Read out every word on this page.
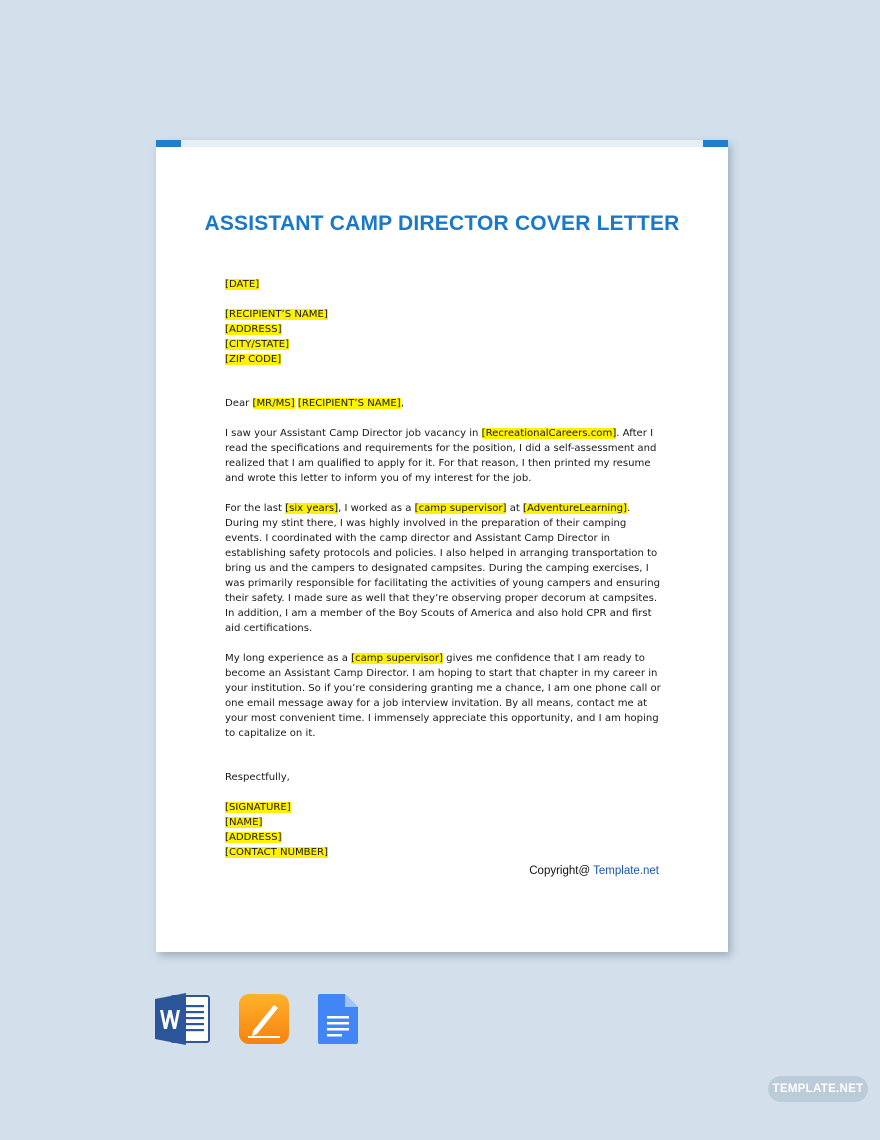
ASSISTANT CAMP DIRECTOR COVER LETTER

[DATE]

[RECIPIENT’S NAME]

[ADDRESS]

[CITY/STATE]

[ZIP CODE]

Dear [MR/MS] [RECIPIENT’S NAME],

I saw your Assistant Camp Director job vacancy in [RecreationalCareers.com]. After I read the specifications and requirements for the position, I did a self-assessment and realized that I am qualified to apply for it. For that reason, I then printed my resume and wrote this letter to inform you of my interest for the job.

For the last [six years], I worked as a [camp supervisor] at [AdventureLearning]. During my stint there, I was highly involved in the preparation of their camping events. I coordinated with the camp director and Assistant Camp Director in establishing safety protocols and policies. I also helped in arranging transportation to bring us and the campers to designated campsites. During the camping exercises, I was primarily responsible for facilitating the activities of young campers and ensuring their safety. I made sure as well that they’re observing proper decorum at campsites. In addition, I am a member of the Boy Scouts of America and also hold CPR and first aid certifications.

My long experience as a [camp supervisor] gives me confidence that I am ready to become an Assistant Camp Director. I am hoping to start that chapter in my career in your institution. So if you’re considering granting me a chance, I am one phone call or one email message away for a job interview invitation. By all means, contact me at your most convenient time. I immensely appreciate this opportunity, and I am hoping to capitalize on it.

Respectfully,

[SIGNATURE]

[NAME]

[ADDRESS]

[CONTACT NUMBER]

Copyright@ Template.net
TEMPLATE.NET
